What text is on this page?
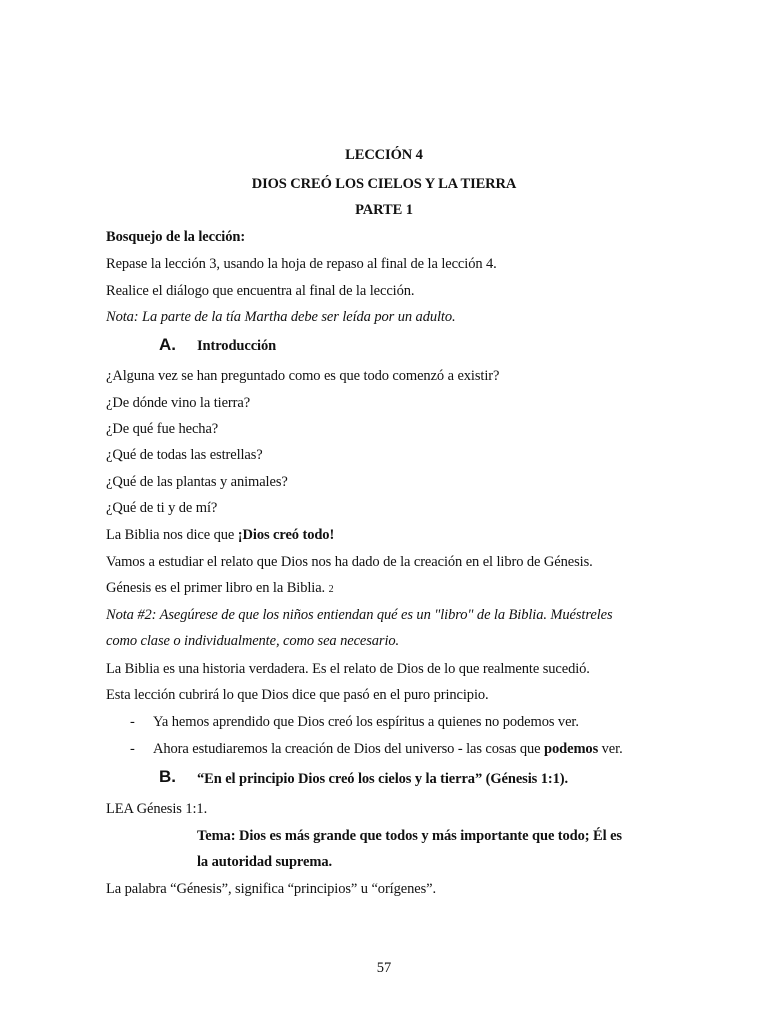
LECCIÓN 4
DIOS CREÓ LOS CIELOS Y LA TIERRA
PARTE 1
Bosquejo de la lección:
Repase la lección 3, usando la hoja de repaso al final de la lección 4.
Realice el diálogo que encuentra al final de la lección.
Nota: La parte de la tía Martha debe ser leída por un adulto.
A. Introducción
¿Alguna vez se han preguntado como es que todo comenzó a existir?
¿De dónde vino la tierra?
¿De qué fue hecha?
¿Qué de todas las estrellas?
¿Qué de las plantas y animales?
¿Qué de ti y de mí?
La Biblia nos dice que ¡Dios creó todo!
Vamos a estudiar el relato que Dios nos ha dado de la creación en el libro de Génesis.
Génesis es el primer libro en la Biblia. 2
Nota #2: Asegúrese de que los niños entiendan qué es un "libro" de la Biblia. Muéstreles
como clase o individualmente, como sea necesario.
La Biblia es una historia verdadera. Es el relato de Dios de lo que realmente sucedió.
Esta lección cubrirá lo que Dios dice que pasó en el puro principio.
- Ya hemos aprendido que Dios creó los espíritus a quienes no podemos ver.
- Ahora estudiaremos la creación de Dios del universo - las cosas que podemos ver.
B. “En el principio Dios creó los cielos y la tierra” (Génesis 1:1).
LEA Génesis 1:1.
Tema: Dios es más grande que todos y más importante que todo; Él es
la autoridad suprema.
La palabra “Génesis”, significa “principios” u “orígenes”.
57
